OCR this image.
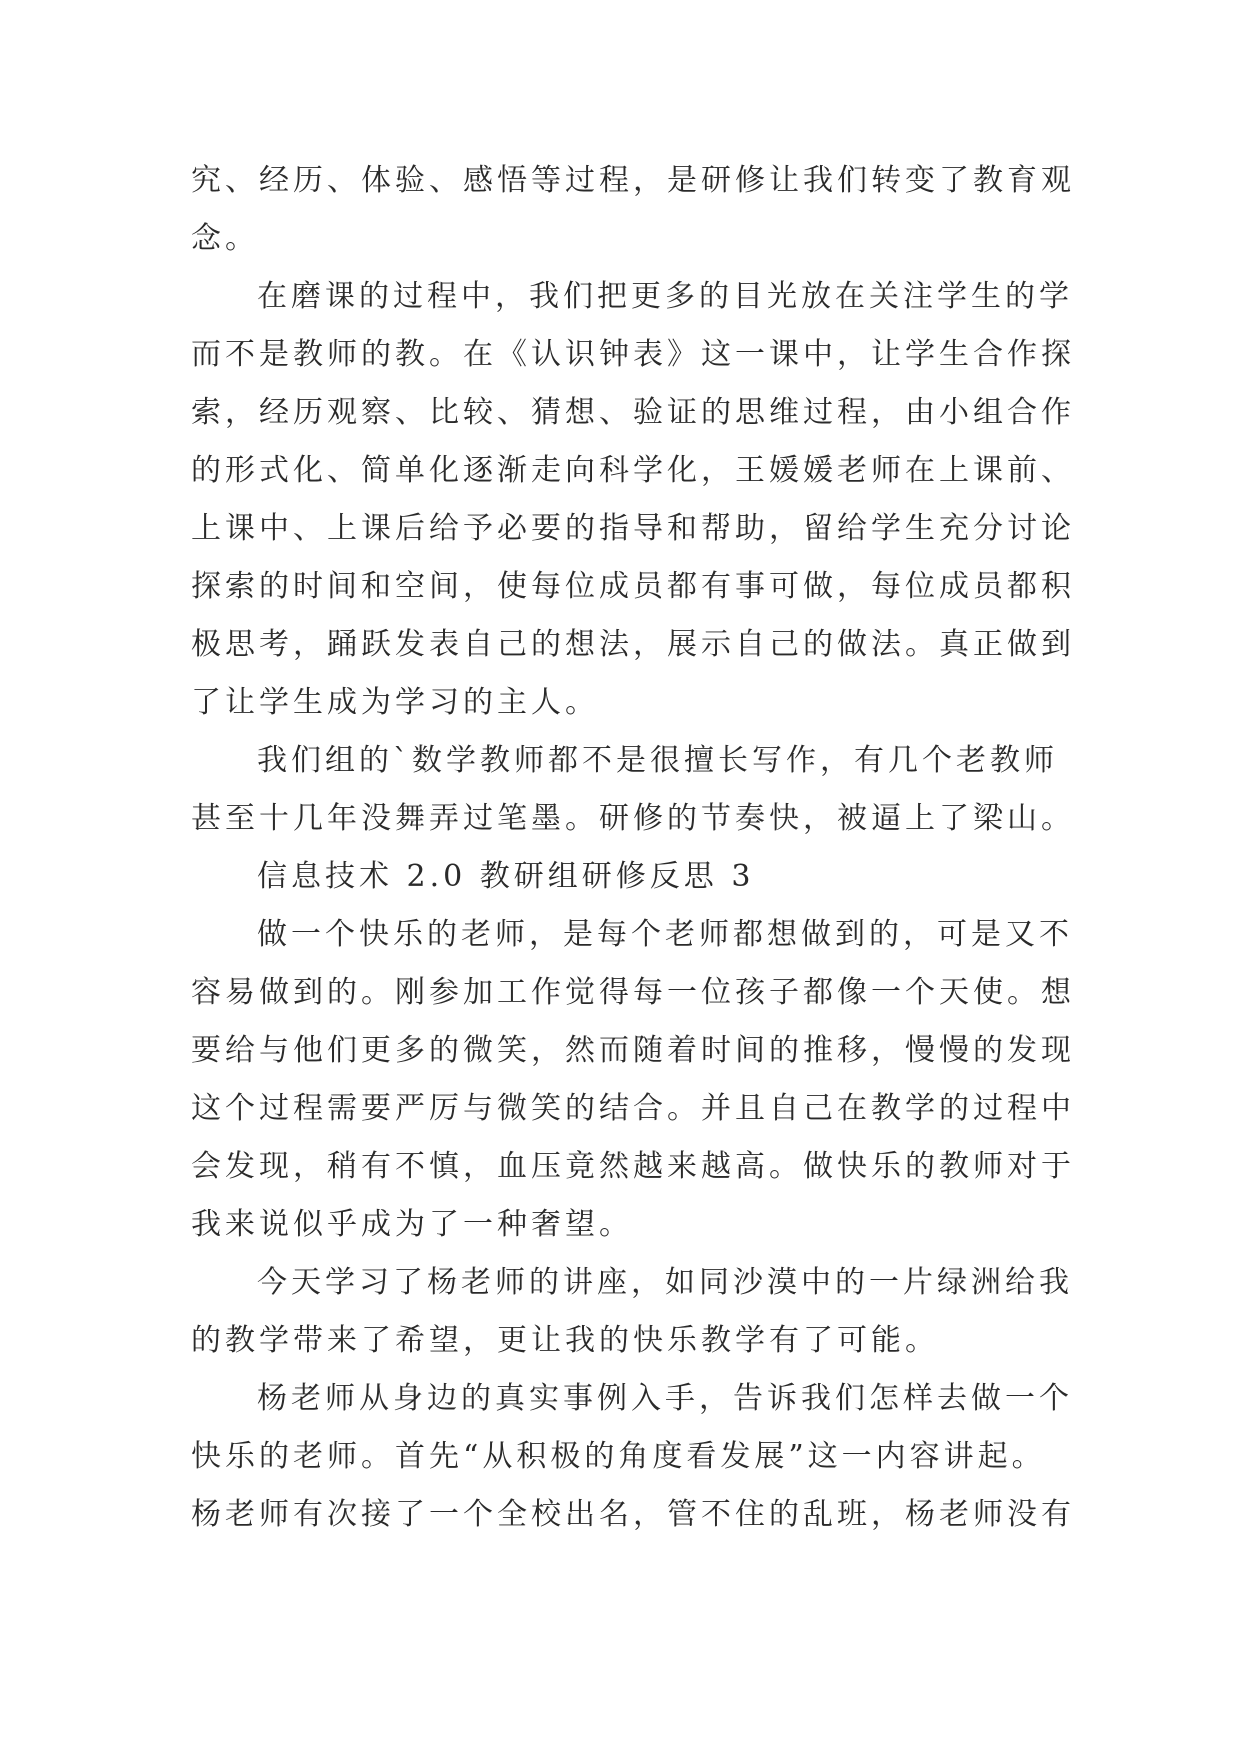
究、经历、体验、感悟等过程，是研修让我们转变了教育观
念。
在磨课的过程中，我们把更多的目光放在关注学生的学
而不是教师的教。在《认识钟表》这一课中，让学生合作探
索，经历观察、比较、猜想、验证的思维过程，由小组合作
的形式化、简单化逐渐走向科学化，王媛媛老师在上课前、
上课中、上课后给予必要的指导和帮助，留给学生充分讨论
探索的时间和空间，使每位成员都有事可做，每位成员都积
极思考，踊跃发表自己的想法，展示自己的做法。真正做到
了让学生成为学习的主人。
我们组的`数学教师都不是很擅长写作，有几个老教师
甚至十几年没舞弄过笔墨。研修的节奏快，被逼上了梁山。
信息技术 2.0 教研组研修反思 3
做一个快乐的老师，是每个老师都想做到的，可是又不
容易做到的。刚参加工作觉得每一位孩子都像一个天使。想
要给与他们更多的微笑，然而随着时间的推移，慢慢的发现
这个过程需要严厉与微笑的结合。并且自己在教学的过程中
会发现，稍有不慎，血压竟然越来越高。做快乐的教师对于
我来说似乎成为了一种奢望。
今天学习了杨老师的讲座，如同沙漠中的一片绿洲给我
的教学带来了希望，更让我的快乐教学有了可能。
杨老师从身边的真实事例入手，告诉我们怎样去做一个
快乐的老师。首先“从积极的角度看发展”这一内容讲起。
杨老师有次接了一个全校出名，管不住的乱班，杨老师没有
